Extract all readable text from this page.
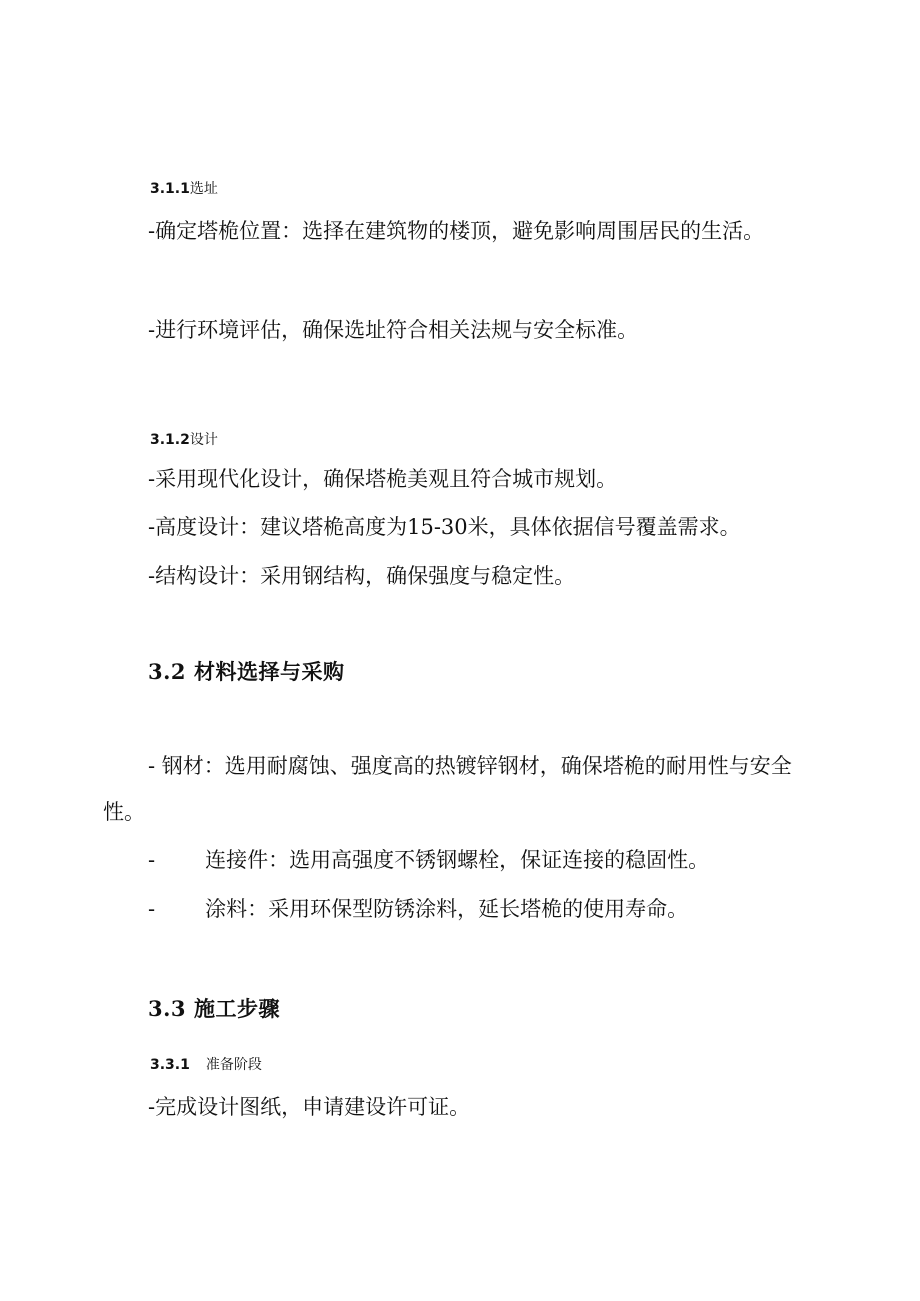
3.1.1选址

-确定塔桅位置：选择在建筑物的楼顶，避免影响周围居民的生活。

-进行环境评估，确保选址符合相关法规与安全标准。

3.1.2设计

-采用现代化设计，确保塔桅美观且符合城市规划。

-高度设计：建议塔桅高度为15-30米，具体依据信号覆盖需求。

-结构设计：采用钢结构，确保强度与稳定性。

3.2 材料选择与采购

- 钢材：选用耐腐蚀、强度高的热镀锌钢材，确保塔桅的耐用性与安全性。

- 连接件：选用高强度不锈钢螺栓，保证连接的稳固性。

- 涂料：采用环保型防锈涂料，延长塔桅的使用寿命。

3.3 施工步骤
3.3.1 准备阶段

-完成设计图纸，申请建设许可证。
